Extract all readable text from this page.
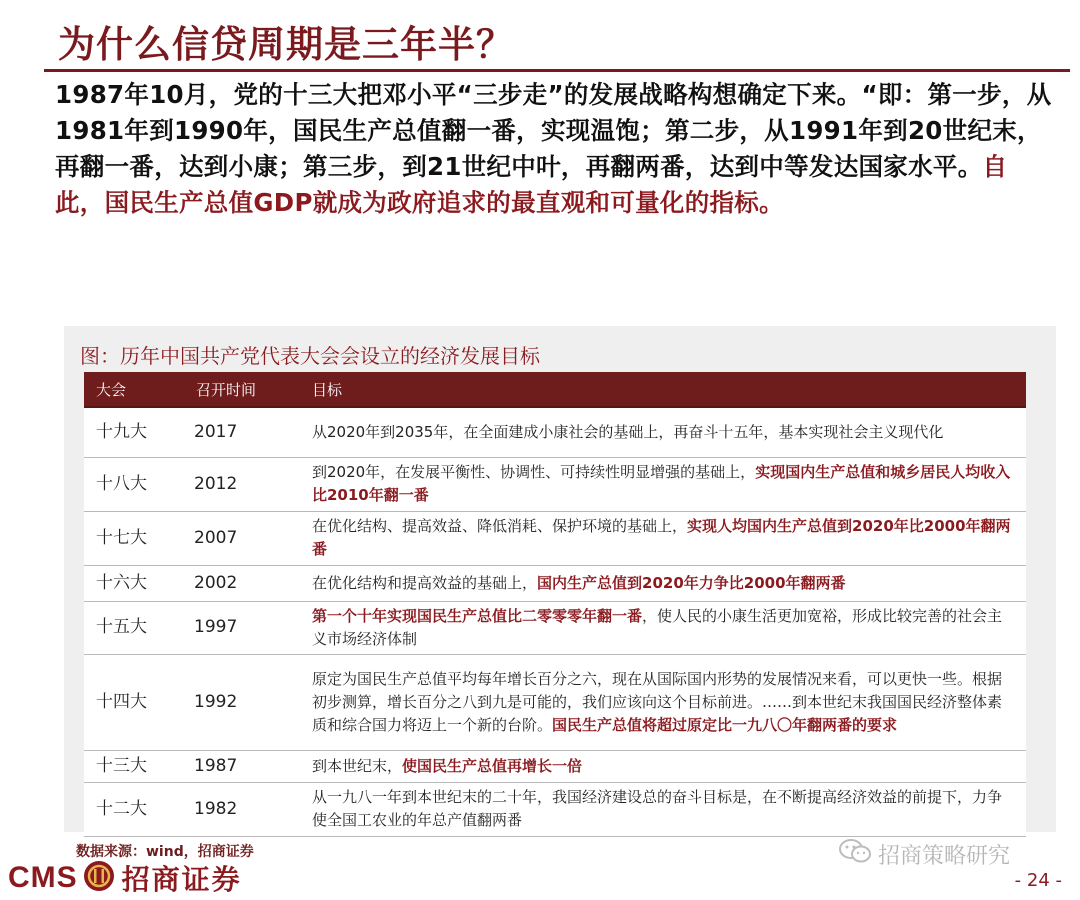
为什么信贷周期是三年半？
1987年10月，党的十三大把邓小平“三步走”的发展战略构想确定下来。“即：第一步，从1981年到1990年，国民生产总值翻一番，实现温饱；第二步，从1991年到20世纪末，再翻一番，达到小康；第三步，到21世纪中叶，再翻两番，达到中等发达国家水平。自此，国民生产总值GDP就成为政府追求的最直观和可量化的指标。
图：历年中国共产党代表大会会设立的经济发展目标
大会	召开时间	目标
十九大	2017	从2020年到2035年，在全面建成小康社会的基础上，再奋斗十五年，基本实现社会主义现代化
十八大	2012	到2020年，在发展平衡性、协调性、可持续性明显增强的基础上，实现国内生产总值和城乡居民人均收入比2010年翻一番
十七大	2007	在优化结构、提高效益、降低消耗、保护环境的基础上，实现人均国内生产总值到2020年比2000年翻两番
十六大	2002	在优化结构和提高效益的基础上，国内生产总值到2020年力争比2000年翻两番
十五大	1997	第一个十年实现国民生产总值比二零零零年翻一番，使人民的小康生活更加宽裕，形成比较完善的社会主义市场经济体制
十四大	1992	原定为国民生产总值平均每年增长百分之六，现在从国际国内形势的发展情况来看，可以更快一些。根据初步测算，增长百分之八到九是可能的，我们应该向这个目标前进。……到本世纪末我国国民经济整体素质和综合国力将迈上一个新的台阶。国民生产总值将超过原定比一九八〇年翻两番的要求
十三大	1987	到本世纪末，使国民生产总值再增长一倍
十二大	1982	从一九八一年到本世纪末的二十年，我国经济建设总的奋斗目标是，在不断提高经济效益的前提下，力争使全国工农业的年总产值翻两番
数据来源：wind，招商证券	招商策略研究
CMS 招商证券	- 24 -
